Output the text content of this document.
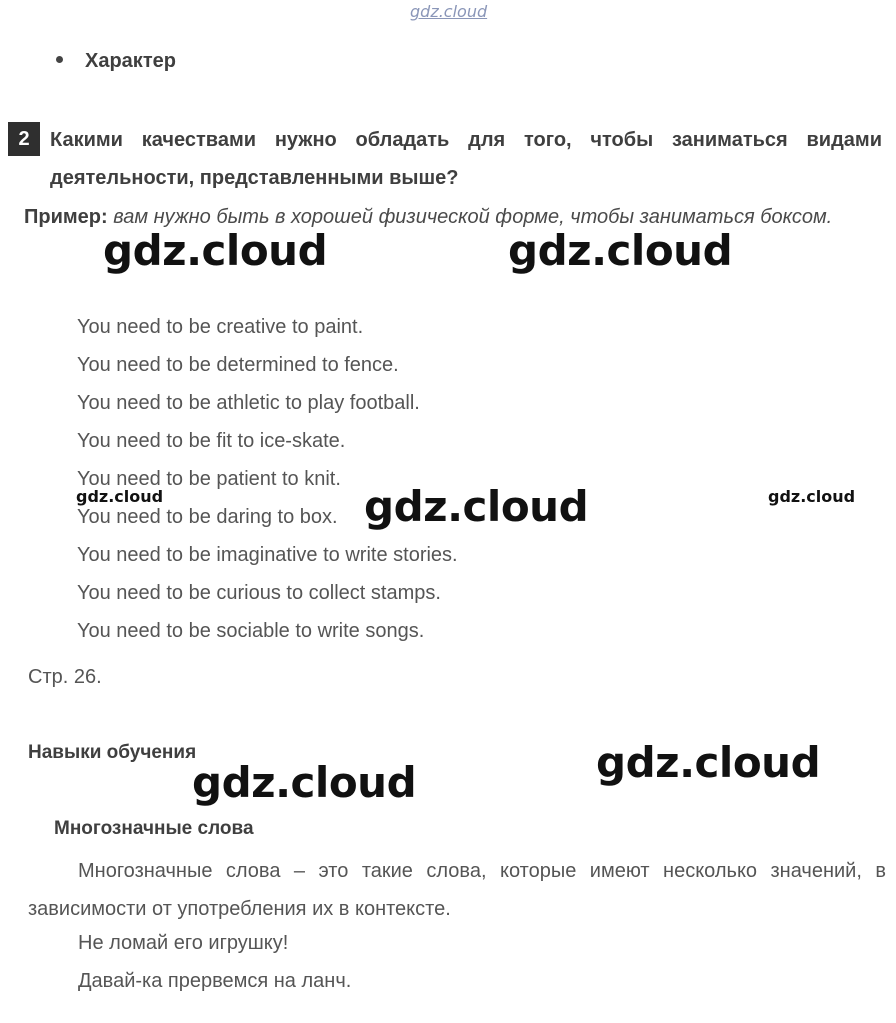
gdz.cloud
Характер
2	Какими качествами нужно обладать для того, чтобы заниматься видами деятельности, представленными выше?
Пример: вам нужно быть в хорошей физической форме, чтобы заниматься боксом.
You need to be creative to paint.
You need to be determined to fence.
You need to be athletic to play football.
You need to be fit to ice-skate.
You need to be patient to knit.
You need to be daring to box.
You need to be imaginative to write stories.
You need to be curious to collect stamps.
You need to be sociable to write songs.
Стр. 26.
Навыки обучения
Многозначные слова
Многозначные слова – это такие слова, которые имеют несколько значений, в зависимости от употребления их в контексте.
Не ломай его игрушку!
Давай-ка прервемся на ланч.
gdz.cloud	gdz.cloud
gdz.cloud
gdz.cloud
gdz.cloud
gdz.cloud	gdz.cloud
